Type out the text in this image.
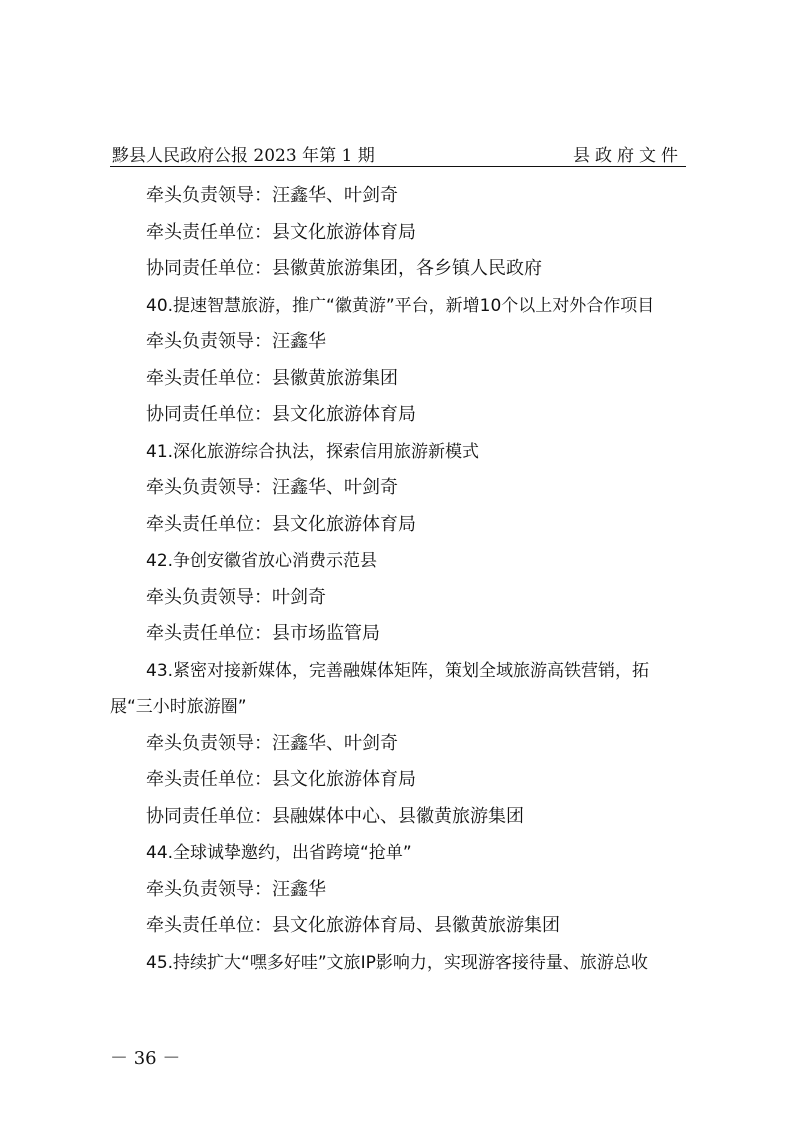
黟县人民政府公报 2023 年第 1 期	县政府文件
牵头负责领导：汪鑫华、叶剑奇
牵头责任单位：县文化旅游体育局
协同责任单位：县徽黄旅游集团，各乡镇人民政府
40.提速智慧旅游，推广“徽黄游”平台，新增10个以上对外合作项目
牵头负责领导：汪鑫华
牵头责任单位：县徽黄旅游集团
协同责任单位：县文化旅游体育局
41.深化旅游综合执法，探索信用旅游新模式
牵头负责领导：汪鑫华、叶剑奇
牵头责任单位：县文化旅游体育局
42.争创安徽省放心消费示范县
牵头负责领导：叶剑奇
牵头责任单位：县市场监管局
43.紧密对接新媒体，完善融媒体矩阵，策划全域旅游高铁营销，拓
展“三小时旅游圈”
牵头负责领导：汪鑫华、叶剑奇
牵头责任单位：县文化旅游体育局
协同责任单位：县融媒体中心、县徽黄旅游集团
44.全球诚挚邀约，出省跨境“抢单”
牵头负责领导：汪鑫华
牵头责任单位：县文化旅游体育局、县徽黄旅游集团
45.持续扩大“嘿多好哇”文旅IP影响力，实现游客接待量、旅游总收
－ 36 －
